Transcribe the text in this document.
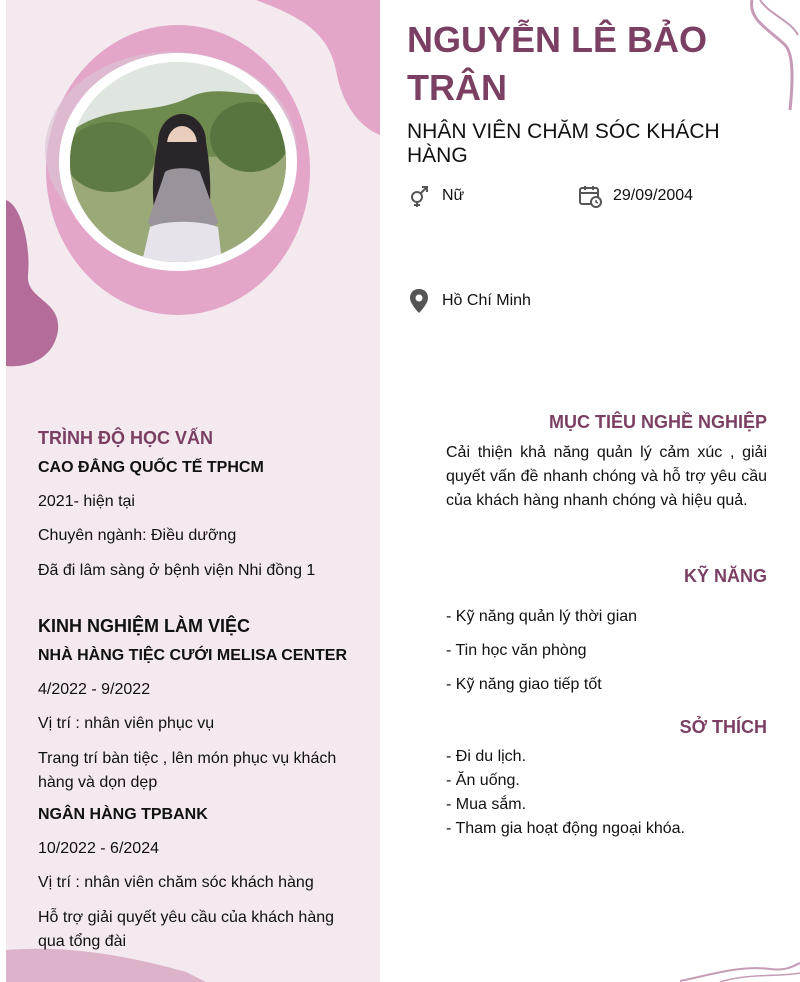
TRÌNH ĐỘ HỌC VẤN
CAO ĐẲNG QUỐC TẾ TPHCM
2021- hiện tại
Chuyên ngành: Điều dưỡng
Đã đi lâm sàng ở bệnh viện Nhi đồng 1
KINH NGHIỆM LÀM VIỆC
NHÀ HÀNG TIỆC CƯỚI MELISA CENTER
4/2022 - 9/2022
Vị trí : nhân viên phục vụ
Trang trí bàn tiệc , lên món phục vụ khách hàng và dọn dẹp
NGÂN HÀNG TPBANK
10/2022 - 6/2024
Vị trí : nhân viên chăm sóc khách hàng
Hỗ trợ giải quyết yêu cầu của khách hàng qua tổng đài
NGUYỄN LÊ BẢO TRÂN
NHÂN VIÊN CHĂM SÓC KHÁCH HÀNG
Nữ	29/09/2004
Hồ Chí Minh
MỤC TIÊU NGHỀ NGHIỆP
Cải thiện khả năng quản lý cảm xúc , giải quyết vấn đề nhanh chóng và hỗ trợ yêu cầu của khách hàng nhanh chóng và hiệu quả.
KỸ NĂNG
- Kỹ năng quản lý thời gian
- Tin học văn phòng
- Kỹ năng giao tiếp tốt
SỞ THÍCH
- Đi du lịch.
- Ăn uống.
- Mua sắm.
- Tham gia hoạt động ngoại khóa.
